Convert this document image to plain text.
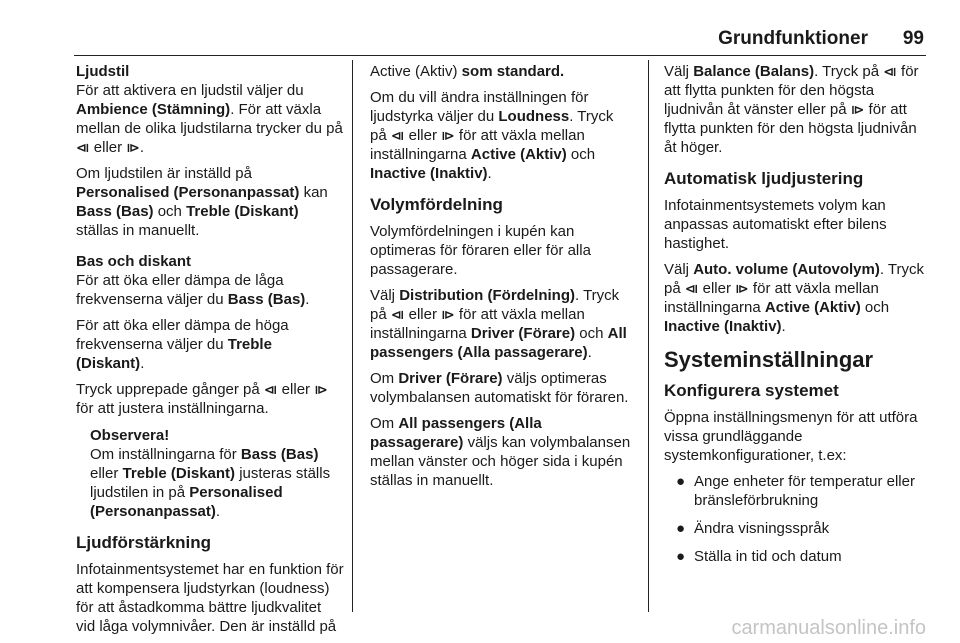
Grundfunktioner 99

Ljudstil

För att aktivera en ljudstil väljer du Ambience (Stämning). För att växla mellan de olika ljudstilarna trycker du på ⧏ eller ⧐.

Om ljudstilen är inställd på Personalised (Personanpassat) kan Bass (Bas) och Treble (Diskant) ställas in manuellt.

Bas och diskant

För att öka eller dämpa de låga frekvenserna väljer du Bass (Bas).

För att öka eller dämpa de höga frekvenserna väljer du Treble (Diskant).

Tryck upprepade gånger på ⧏ eller ⧐ för att justera inställningarna.

Observera!

Om inställningarna för Bass (Bas) eller Treble (Diskant) justeras ställs ljudstilen in på Personalised (Personanpassat).

Ljudförstärkning

Infotainmentsystemet har en funktion för att kompensera ljudstyrkan (loudness) för att åstadkomma bättre ljudkvalitet vid låga volymnivåer. Den är inställd på

Active (Aktiv) som standard.

Om du vill ändra inställningen för ljudstyrka väljer du Loudness. Tryck på ⧏ eller ⧐ för att växla mellan inställningarna Active (Aktiv) och Inactive (Inaktiv).

Volymfördelning

Volymfördelningen i kupén kan optimeras för föraren eller för alla passagerare.

Välj Distribution (Fördelning). Tryck på ⧏ eller ⧐ för att växla mellan inställningarna Driver (Förare) och All passengers (Alla passagerare).

Om Driver (Förare) väljs optimeras volymbalansen automatiskt för föraren.

Om All passengers (Alla passagerare) väljs kan volymbalansen mellan vänster och höger sida i kupén ställas in manuellt.

Välj Balance (Balans). Tryck på ⧏ för att flytta punkten för den högsta ljudnivån åt vänster eller på ⧐ för att flytta punkten för den högsta ljudnivån åt höger.

Automatisk ljudjustering

Infotainmentsystemets volym kan anpassas automatiskt efter bilens hastighet.

Välj Auto. volume (Autovolym). Tryck på ⧏ eller ⧐ för att växla mellan inställningarna Active (Aktiv) och Inactive (Inaktiv).

Systeminställningar
Konfigurera systemet

Öppna inställningsmenyn för att utföra vissa grundläggande systemkonfigurationer, t.ex:

● Ange enheter för temperatur eller bränsleförbrukning
● Ändra visningsspråk
● Ställa in tid och datum
carmanualsonline.info
